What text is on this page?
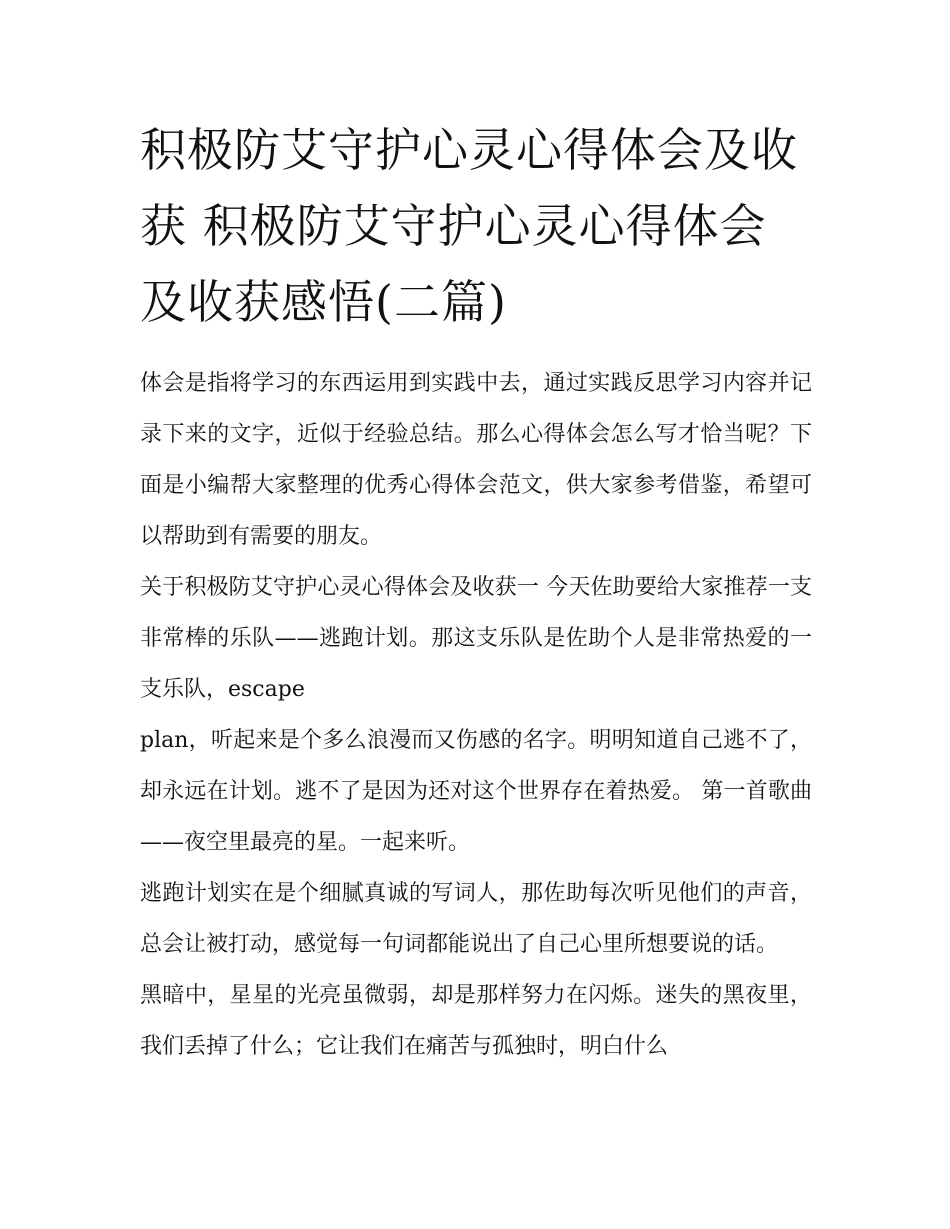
积极防艾守护心灵心得体会及收获 积极防艾守护心灵心得体会及收获感悟(二篇)

体会是指将学习的东西运用到实践中去，通过实践反思学习内容并记录下来的文字，近似于经验总结。那么心得体会怎么写才恰当呢？下面是小编帮大家整理的优秀心得体会范文，供大家参考借鉴，希望可以帮助到有需要的朋友。

关于积极防艾守护心灵心得体会及收获一 今天佐助要给大家推荐一支非常棒的乐队——逃跑计划。那这支乐队是佐助个人是非常热爱的一支乐队，escape

plan，听起来是个多么浪漫而又伤感的名字。明明知道自己逃不了，却永远在计划。逃不了是因为还对这个世界存在着热爱。 第一首歌曲——夜空里最亮的星。一起来听。

逃跑计划实在是个细腻真诚的写词人，那佐助每次听见他们的声音，总会让被打动，感觉每一句词都能说出了自己心里所想要说的话。

黑暗中，星星的光亮虽微弱，却是那样努力在闪烁。迷失的黑夜里，我们丢掉了什么；它让我们在痛苦与孤独时，明白什么
